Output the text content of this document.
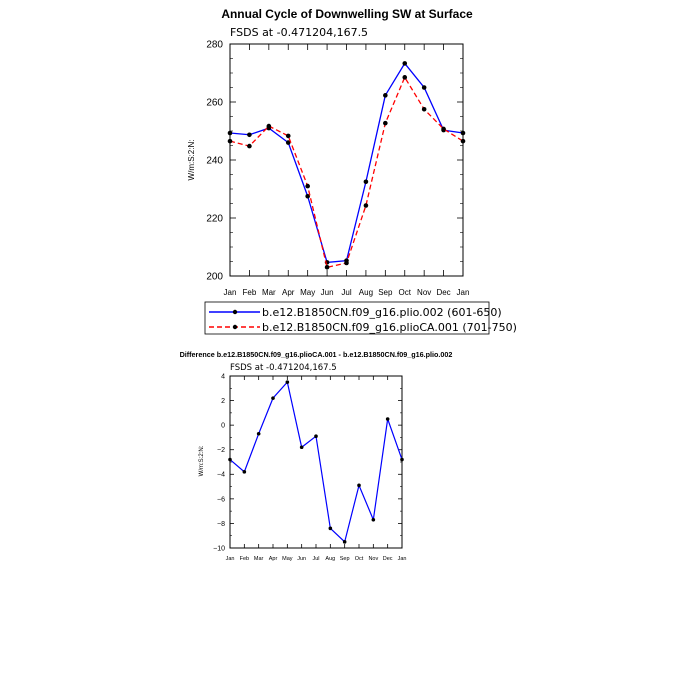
Annual Cycle of Downwelling SW at Surface
FSDS at -0.471204,167.5
W/m:S:2:N:
Jan Feb Mar Apr May Jun Jul Aug Sep Oct Nov Dec Jan
200
220
240
260
280
b.e12.B1850CN.f09_g16.plio.002 (601-650)
b.e12.B1850CN.f09_g16.plioCA.001 (701-750)
Difference b.e12.B1850CN.f09_g16.plioCA.001 - b.e12.B1850CN.f09_g16.plio.002
FSDS at -0.471204,167.5
W/m:S:2:N:
Jan Feb Mar Apr May Jun Jul Aug Sep Oct Nov Dec Jan
−10
−8
−6
−4
−2
0
2
4
